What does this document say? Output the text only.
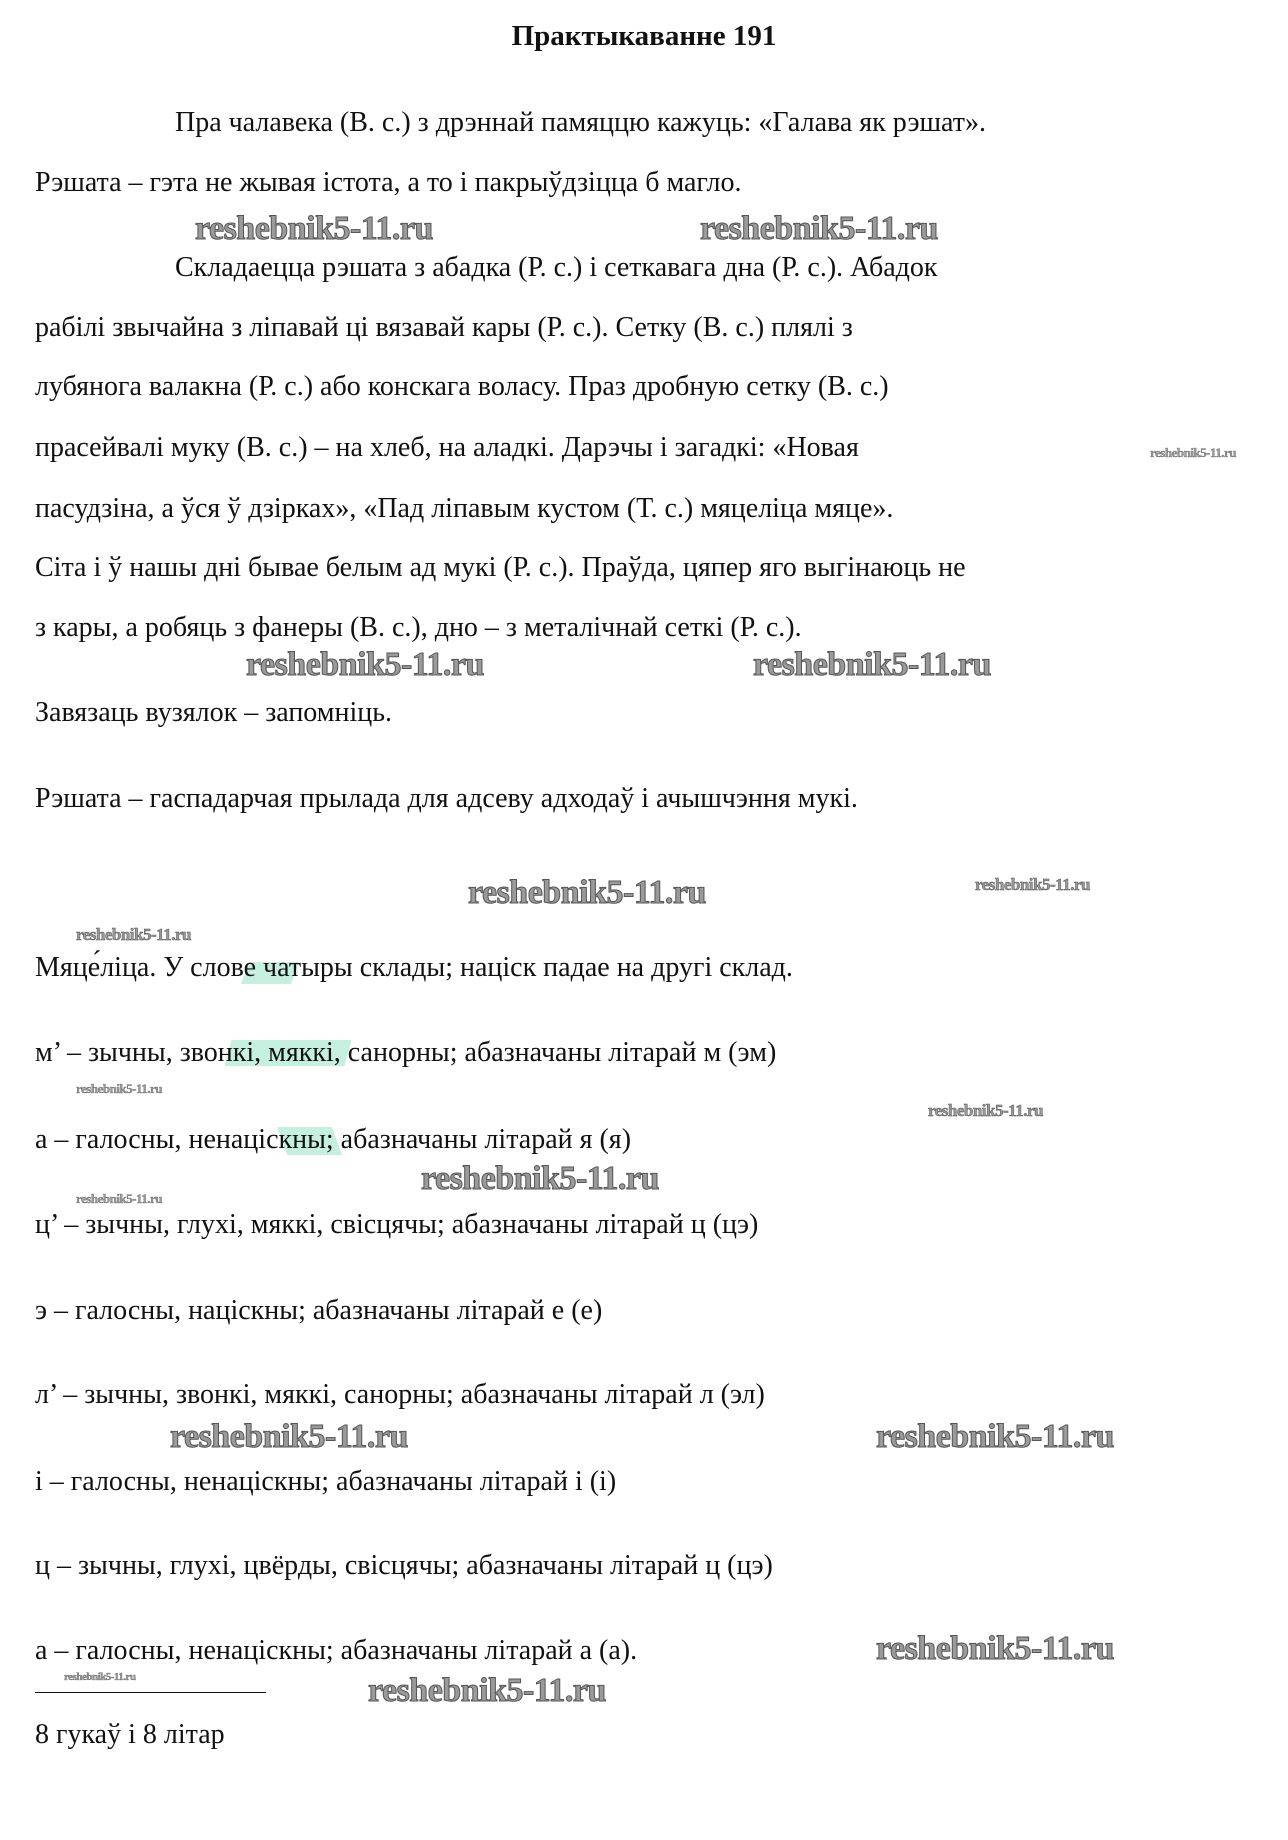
Практыкаванне 191
Пра чалавека (В. с.) з дрэннай памяццю кажуць: «Галава як рэшат».
Рэшата – гэта не жывая істота, а то і пакрыўдзіцца б магло.
Складаецца рэшата з абадка (Р. с.) і сеткавага дна (Р. с.). Абадок
рабілі звычайна з ліпавай ці вязавай кары (Р. с.). Сетку (В. с.) плялі з
лубянога валакна (Р. с.) або конскага воласу. Праз дробную сетку (В. с.)
прасейвалі муку (В. с.) – на хлеб, на аладкі. Дарэчы і загадкі: «Новая
пасудзіна, а ўся ў дзірках», «Пад ліпавым кустом (Т. с.) мяцеліца мяце».
Сіта і ў нашы дні бывае белым ад мукі (Р. с.). Праўда, цяпер яго выгінаюць не
з кары, а робяць з фанеры (В. с.), дно – з металічнай сеткі (Р. с.).
Завязаць вузялок – запомніць.
Рэшата – гаспадарчая прылада для адсеву адходаў і ачышчэння мукі.
Мяце́ліца. У слове чатыры склады; націск падае на другі склад.
м’ – зычны, звонкі, мяккі, санорны; абазначаны літарай м (эм)
а – галосны, ненаціскны; абазначаны літарай я (я)
ц’ – зычны, глухі, мяккі, свісцячы; абазначаны літарай ц (цэ)
э – галосны, націскны; абазначаны літарай е (е)
л’ – зычны, звонкі, мяккі, санорны; абазначаны літарай л (эл)
і – галосны, ненаціскны; абазначаны літарай і (і)
ц – зычны, глухі, цвёрды, свісцячы; абазначаны літарай ц (цэ)
а – галосны, ненаціскны; абазначаны літарай а (а).
8 гукаў і 8 літар
reshebnik5-11.ru	reshebnik5-11.ru
reshebnik5-11.ru
reshebnik5-11.ru	reshebnik5-11.ru
reshebnik5-11.ru	reshebnik5-11.ru
reshebnik5-11.ru
reshebnik5-11.ru
reshebnik5-11.ru
reshebnik5-11.ru
reshebnik5-11.ru
reshebnik5-11.ru	reshebnik5-11.ru
reshebnik5-11.ru
reshebnik5-11.ru	reshebnik5-11.ru
